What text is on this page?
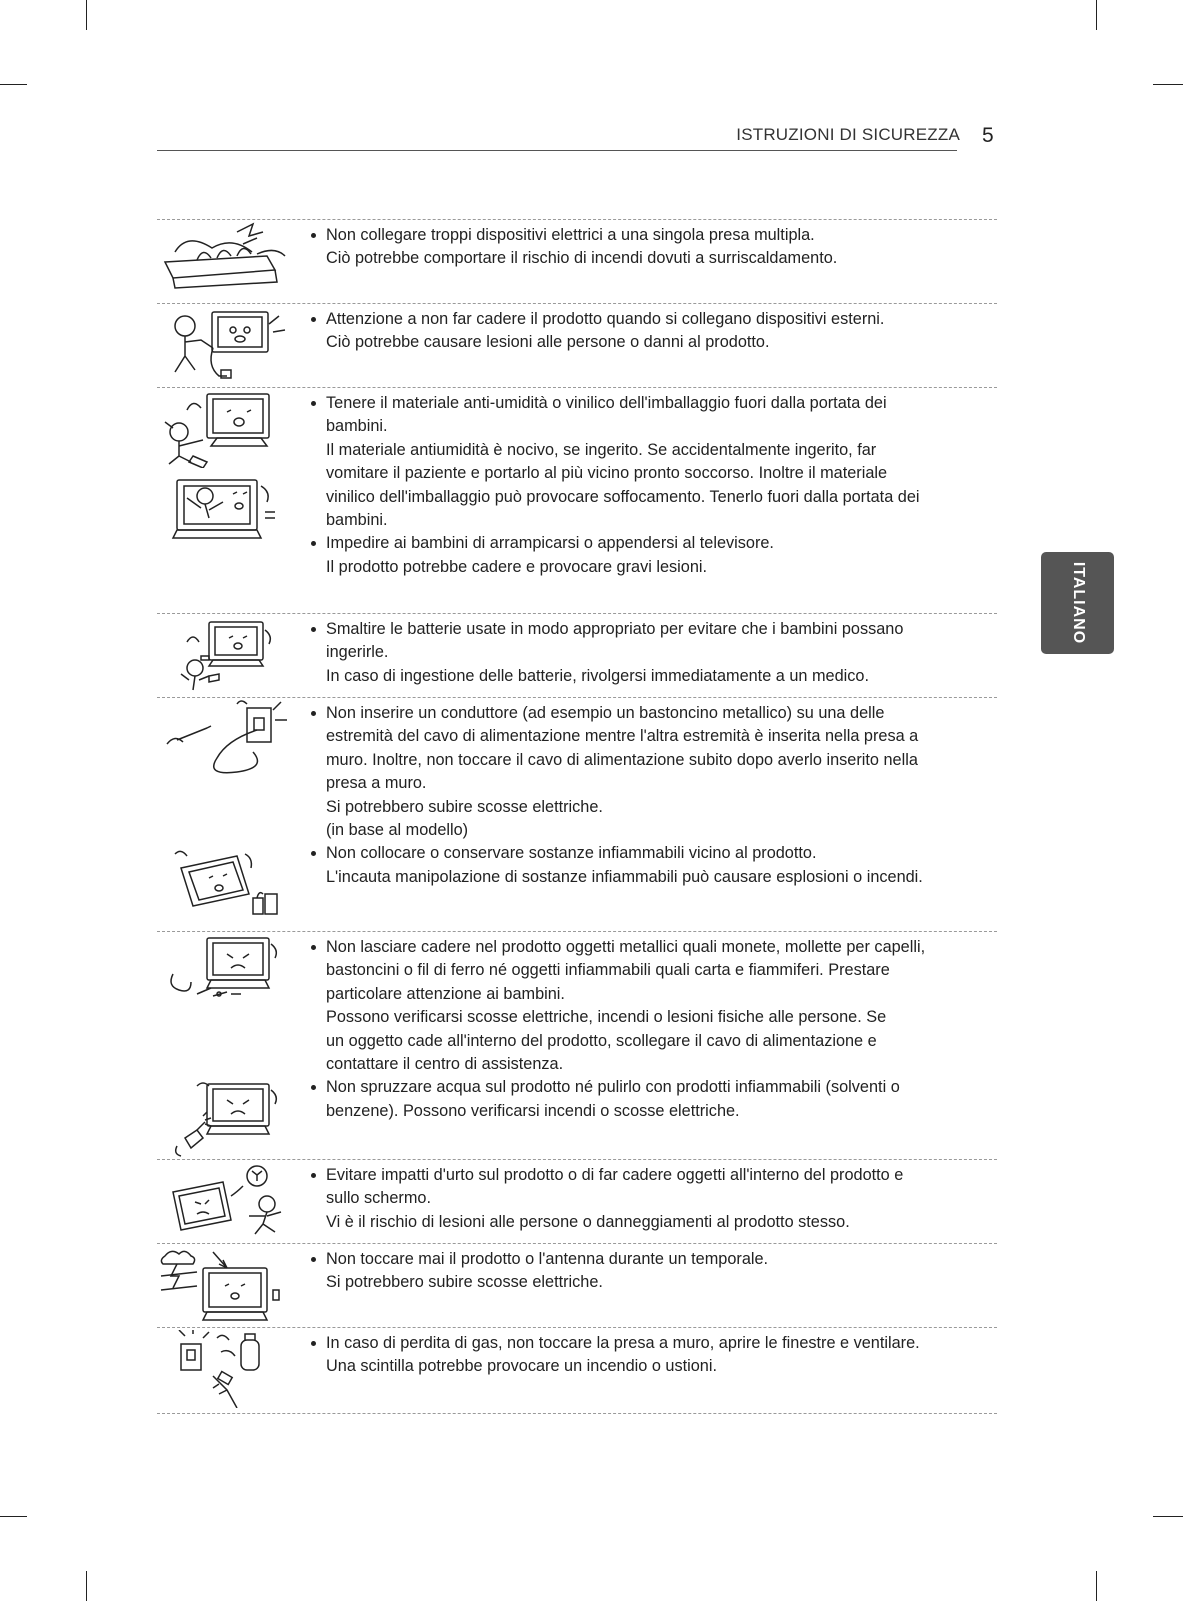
ISTRUZIONI DI SICUREZZA 5
ITALIANO

Non collegare troppi dispositivi elettrici a una singola presa multipla.

Ciò potrebbe comportare il rischio di incendi dovuti a surriscaldamento.

Attenzione a non far cadere il prodotto quando si collegano dispositivi esterni.

Ciò potrebbe causare lesioni alle persone o danni al prodotto.

Tenere il materiale anti-umidità o vinilico dell'imballaggio fuori dalla portata dei

bambini.

Il materiale antiumidità è nocivo, se ingerito. Se accidentalmente ingerito, far

vomitare il paziente e portarlo al più vicino pronto soccorso. Inoltre il materiale

vinilico dell'imballaggio può provocare soffocamento. Tenerlo fuori dalla portata dei

bambini.

Impedire ai bambini di arrampicarsi o appendersi al televisore.

Il prodotto potrebbe cadere e provocare gravi lesioni.

Smaltire le batterie usate in modo appropriato per evitare che i bambini possano

ingerirle.

In caso di ingestione delle batterie, rivolgersi immediatamente a un medico.

Non inserire un conduttore (ad esempio un bastoncino metallico) su una delle

estremità del cavo di alimentazione mentre l'altra estremità è inserita nella presa a

muro. Inoltre, non toccare il cavo di alimentazione subito dopo averlo inserito nella

presa a muro.

Si potrebbero subire scosse elettriche.

(in base al modello)

Non collocare o conservare sostanze infiammabili vicino al prodotto.

L'incauta manipolazione di sostanze infiammabili può causare esplosioni o incendi.

Non lasciare cadere nel prodotto oggetti metallici quali monete, mollette per capelli,

bastoncini o fil di ferro né oggetti infiammabili quali carta e fiammiferi. Prestare

particolare attenzione ai bambini.

Possono verificarsi scosse elettriche, incendi o lesioni fisiche alle persone. Se

un oggetto cade all'interno del prodotto, scollegare il cavo di alimentazione e

contattare il centro di assistenza.

Non spruzzare acqua sul prodotto né pulirlo con prodotti infiammabili (solventi o

benzene). Possono verificarsi incendi o scosse elettriche.

Evitare impatti d'urto sul prodotto o di far cadere oggetti all'interno del prodotto e

sullo schermo.

Vi è il rischio di lesioni alle persone o danneggiamenti al prodotto stesso.

Non toccare mai il prodotto o l'antenna durante un temporale.

Si potrebbero subire scosse elettriche.

In caso di perdita di gas, non toccare la presa a muro, aprire le finestre e ventilare.

Una scintilla potrebbe provocare un incendio o ustioni.
